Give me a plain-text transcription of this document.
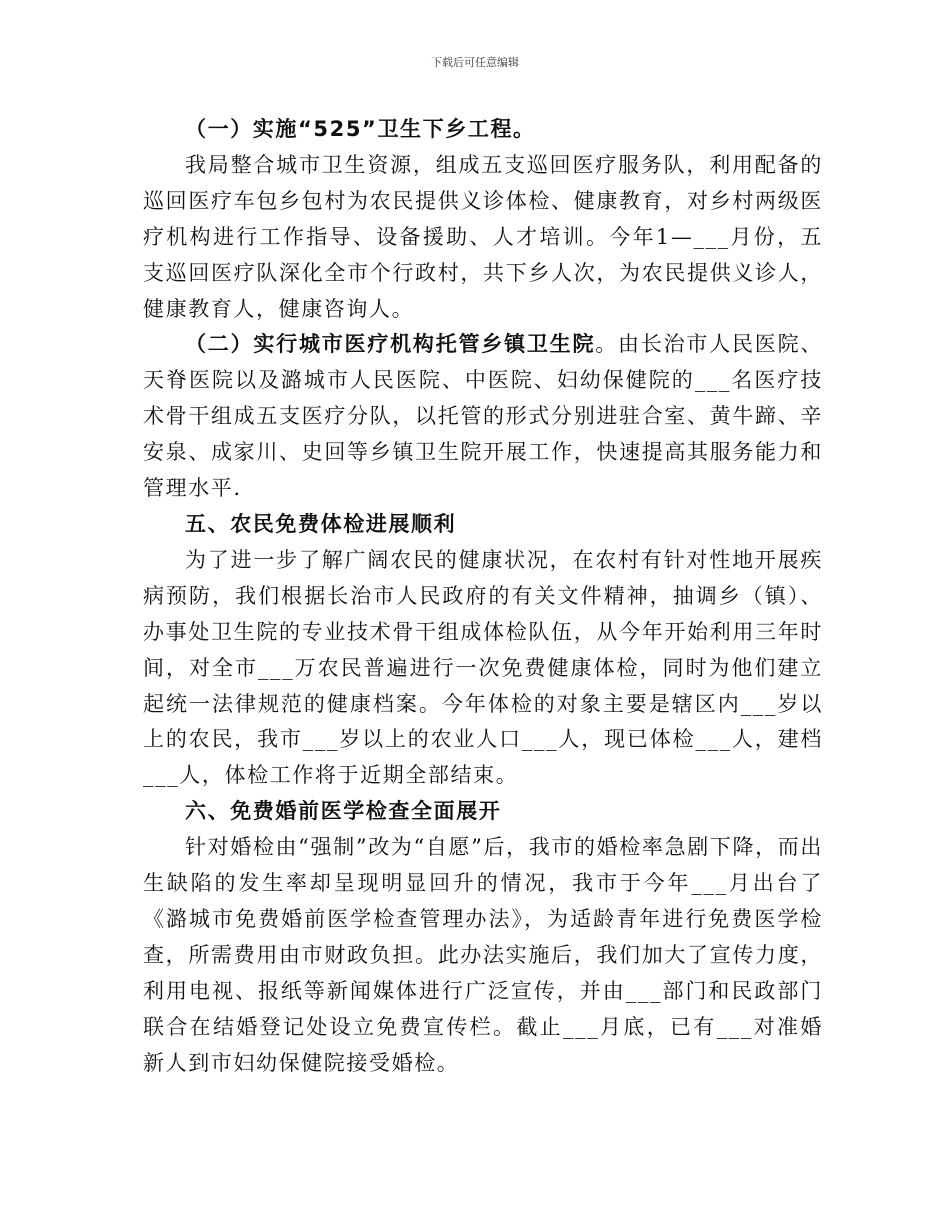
下载后可任意编辑

（一）实施“525”卫生下乡工程。

我局整合城市卫生资源，组成五支巡回医疗服务队，利用配备的巡回医疗车包乡包村为农民提供义诊体检、健康教育，对乡村两级医疗机构进行工作指导、设备援助、人才培训。今年1—___月份，五支巡回医疗队深化全市个行政村，共下乡人次，为农民提供义诊人，健康教育人，健康咨询人。

（二）实行城市医疗机构托管乡镇卫生院。由长治市人民医院、天脊医院以及潞城市人民医院、中医院、妇幼保健院的___名医疗技术骨干组成五支医疗分队，以托管的形式分别进驻合室、黄牛蹄、辛安泉、成家川、史回等乡镇卫生院开展工作，快速提高其服务能力和管理水平.

五、农民免费体检进展顺利

为了进一步了解广阔农民的健康状况，在农村有针对性地开展疾病预防，我们根据长治市人民政府的有关文件精神，抽调乡（镇）、办事处卫生院的专业技术骨干组成体检队伍，从今年开始利用三年时间，对全市___万农民普遍进行一次免费健康体检，同时为他们建立起统一法律规范的健康档案。今年体检的对象主要是辖区内___岁以上的农民，我市___岁以上的农业人口___人，现已体检___人，建档___人，体检工作将于近期全部结束。

六、免费婚前医学检查全面展开

针对婚检由“强制”改为“自愿”后，我市的婚检率急剧下降，而出生缺陷的发生率却呈现明显回升的情况，我市于今年___月出台了《潞城市免费婚前医学检查管理办法》，为适龄青年进行免费医学检查，所需费用由市财政负担。此办法实施后，我们加大了宣传力度，利用电视、报纸等新闻媒体进行广泛宣传，并由___部门和民政部门联合在结婚登记处设立免费宣传栏。截止___月底，已有___对准婚新人到市妇幼保健院接受婚检。
